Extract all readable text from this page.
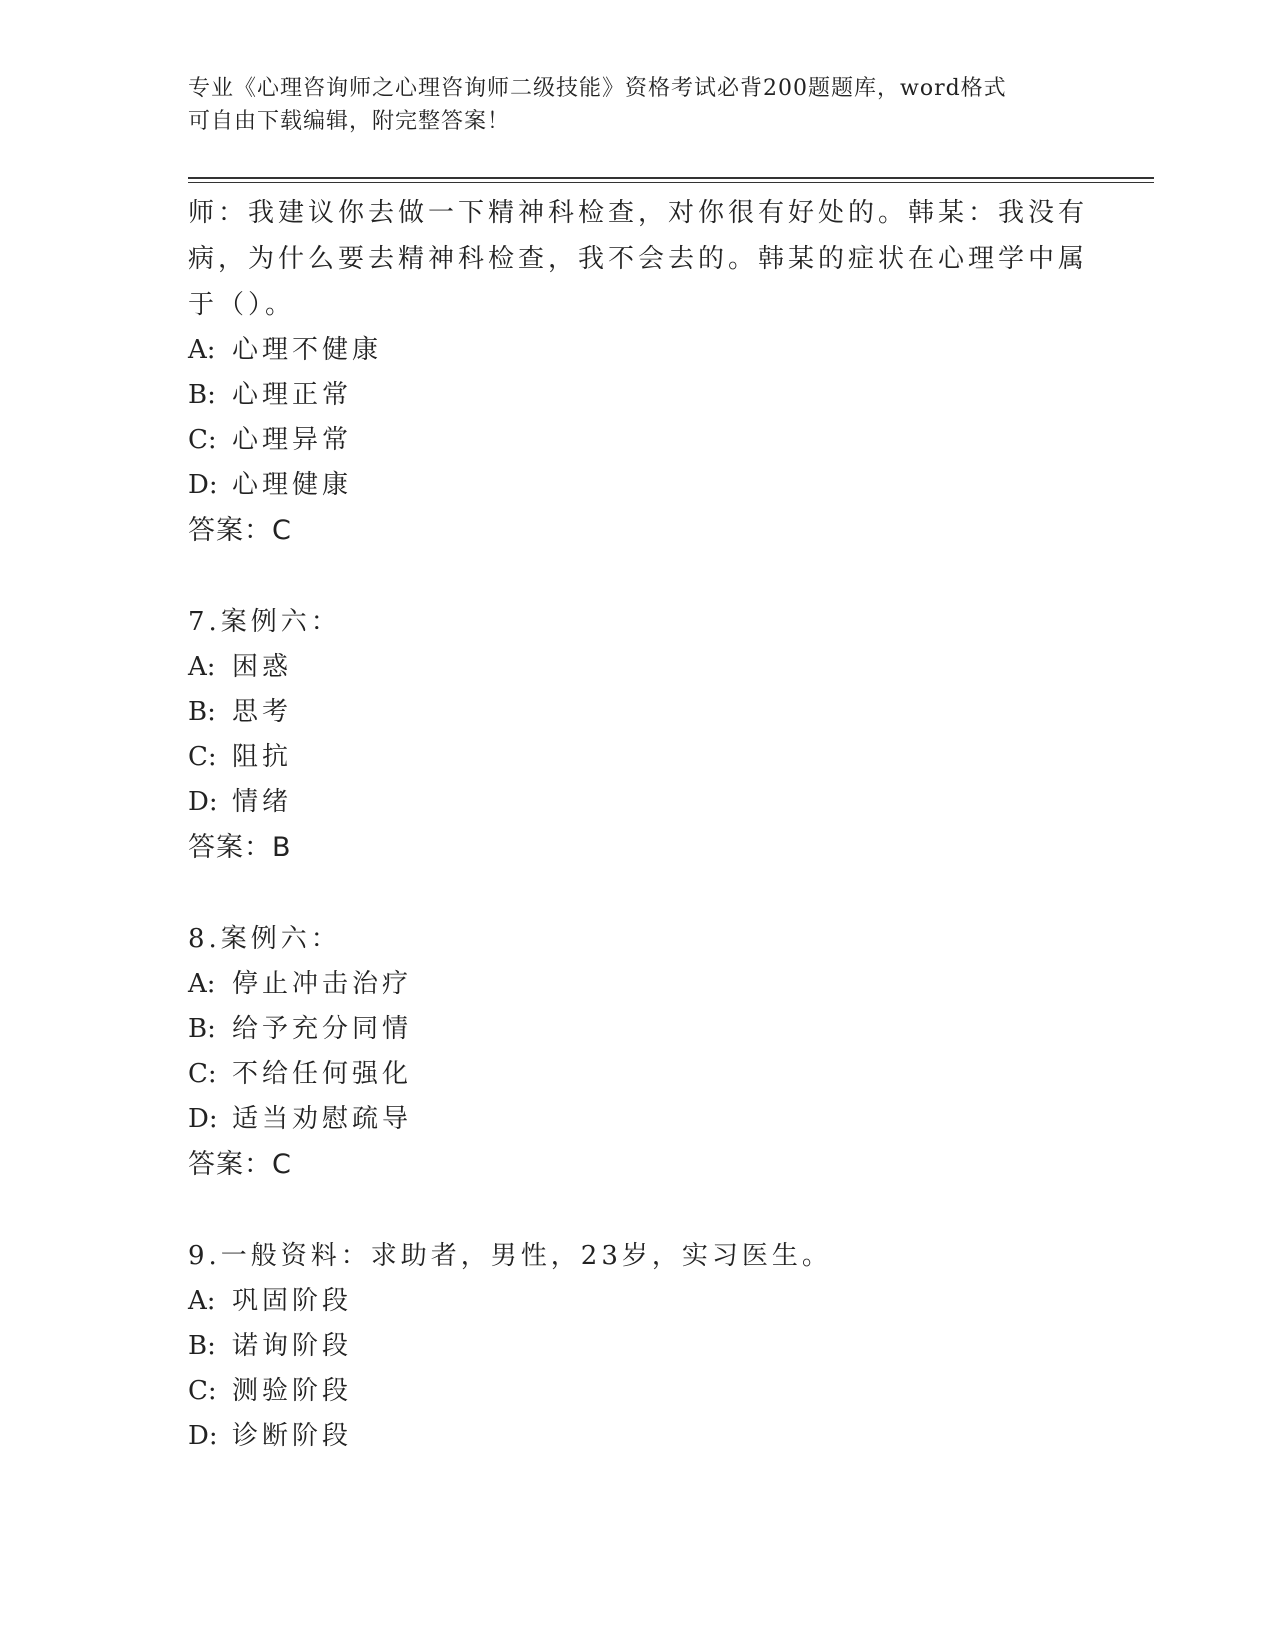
专业《心理咨询师之心理咨询师二级技能》资格考试必背200题题库，word格式
可自由下载编辑，附完整答案！
师：我建议你去做一下精神科检查，对你很有好处的。韩某：我没有
病，为什么要去精神科检查，我不会去的。韩某的症状在心理学中属
于（）。
A: 心理不健康
B: 心理正常
C: 心理异常
D: 心理健康
答案：C
7.案例六：
A: 困惑
B: 思考
C: 阻抗
D: 情绪
答案：B
8.案例六：
A: 停止冲击治疗
B: 给予充分同情
C: 不给任何强化
D: 适当劝慰疏导
答案：C
9.一般资料：求助者，男性，23岁，实习医生。
A: 巩固阶段
B: 诺询阶段
C: 测验阶段
D: 诊断阶段
